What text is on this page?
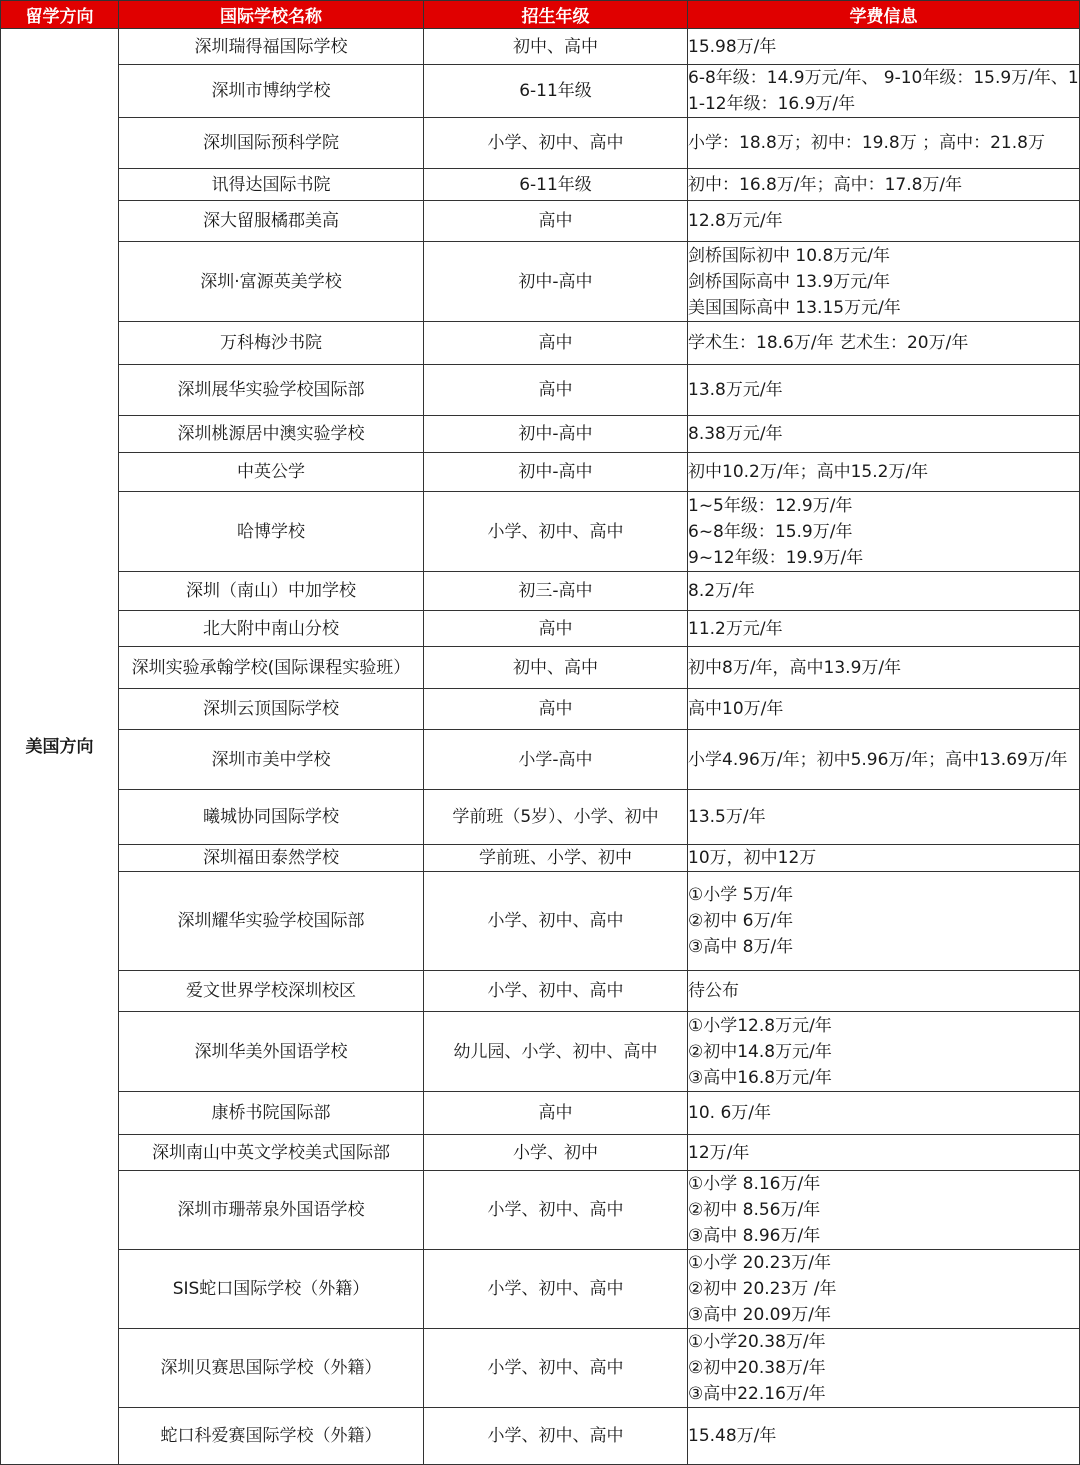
留学方向	国际学校名称	招生年级	学费信息
美国方向	深圳瑞得福国际学校	初中、高中	15.98万/年

	深圳市博纳学校	6-11年级	6-8年级：14.9万元/年、 9-10年级：15.9万/年、11-12年级：16.9万/年

	深圳国际预科学院	小学、初中、高中	小学：18.8万；初中：19.8万 ；高中：21.8万

	讯得达国际书院	6-11年级	初中：16.8万/年；高中：17.8万/年

	深大留服橘郡美高	高中	12.8万元/年

	深圳·富源英美学校	初中-高中	剑桥国际初中 10.8万元/年
剑桥国际高中 13.9万元/年
美国国际高中 13.15万元/年

	万科梅沙书院	高中	学术生：18.6万/年 艺术生：20万/年

	深圳展华实验学校国际部	高中	13.8万元/年

	深圳桃源居中澳实验学校	初中-高中	8.38万元/年

	中英公学	初中-高中	初中10.2万/年；高中15.2万/年

	哈博学校	小学、初中、高中	1~5年级：12.9万/年
6~8年级：15.9万/年
9~12年级：19.9万/年

	深圳（南山）中加学校	初三-高中	8.2万/年

	北大附中南山分校	高中	11.2万元/年

	深圳实验承翰学校(国际课程实验班）	初中、高中	初中8万/年，高中13.9万/年

	深圳云顶国际学校	高中	高中10万/年

	深圳市美中学校	小学-高中	小学4.96万/年；初中5.96万/年；高中13.69万/年

	曦城协同国际学校	学前班（5岁）、小学、初中	13.5万/年

	深圳福田泰然学校	学前班、小学、初中	10万，初中12万

	深圳耀华实验学校国际部	小学、初中、高中	①小学 5万/年
②初中 6万/年
③高中 8万/年

	爱文世界学校深圳校区	小学、初中、高中	待公布

	深圳华美外国语学校	幼儿园、小学、初中、高中	①小学12.8万元/年
②初中14.8万元/年
③高中16.8万元/年

	康桥书院国际部	高中	10. 6万/年

	深圳南山中英文学校美式国际部	小学、初中	12万/年

	深圳市珊蒂泉外国语学校	小学、初中、高中	①小学 8.16万/年
②初中 8.56万/年
③高中 8.96万/年

	SIS蛇口国际学校（外籍）	小学、初中、高中	①小学 20.23万/年
②初中 20.23万 /年
③高中 20.09万/年

	深圳贝赛思国际学校（外籍）	小学、初中、高中	①小学20.38万/年
②初中20.38万/年
③高中22.16万/年

	蛇口科爱赛国际学校（外籍）	小学、初中、高中	15.48万/年
